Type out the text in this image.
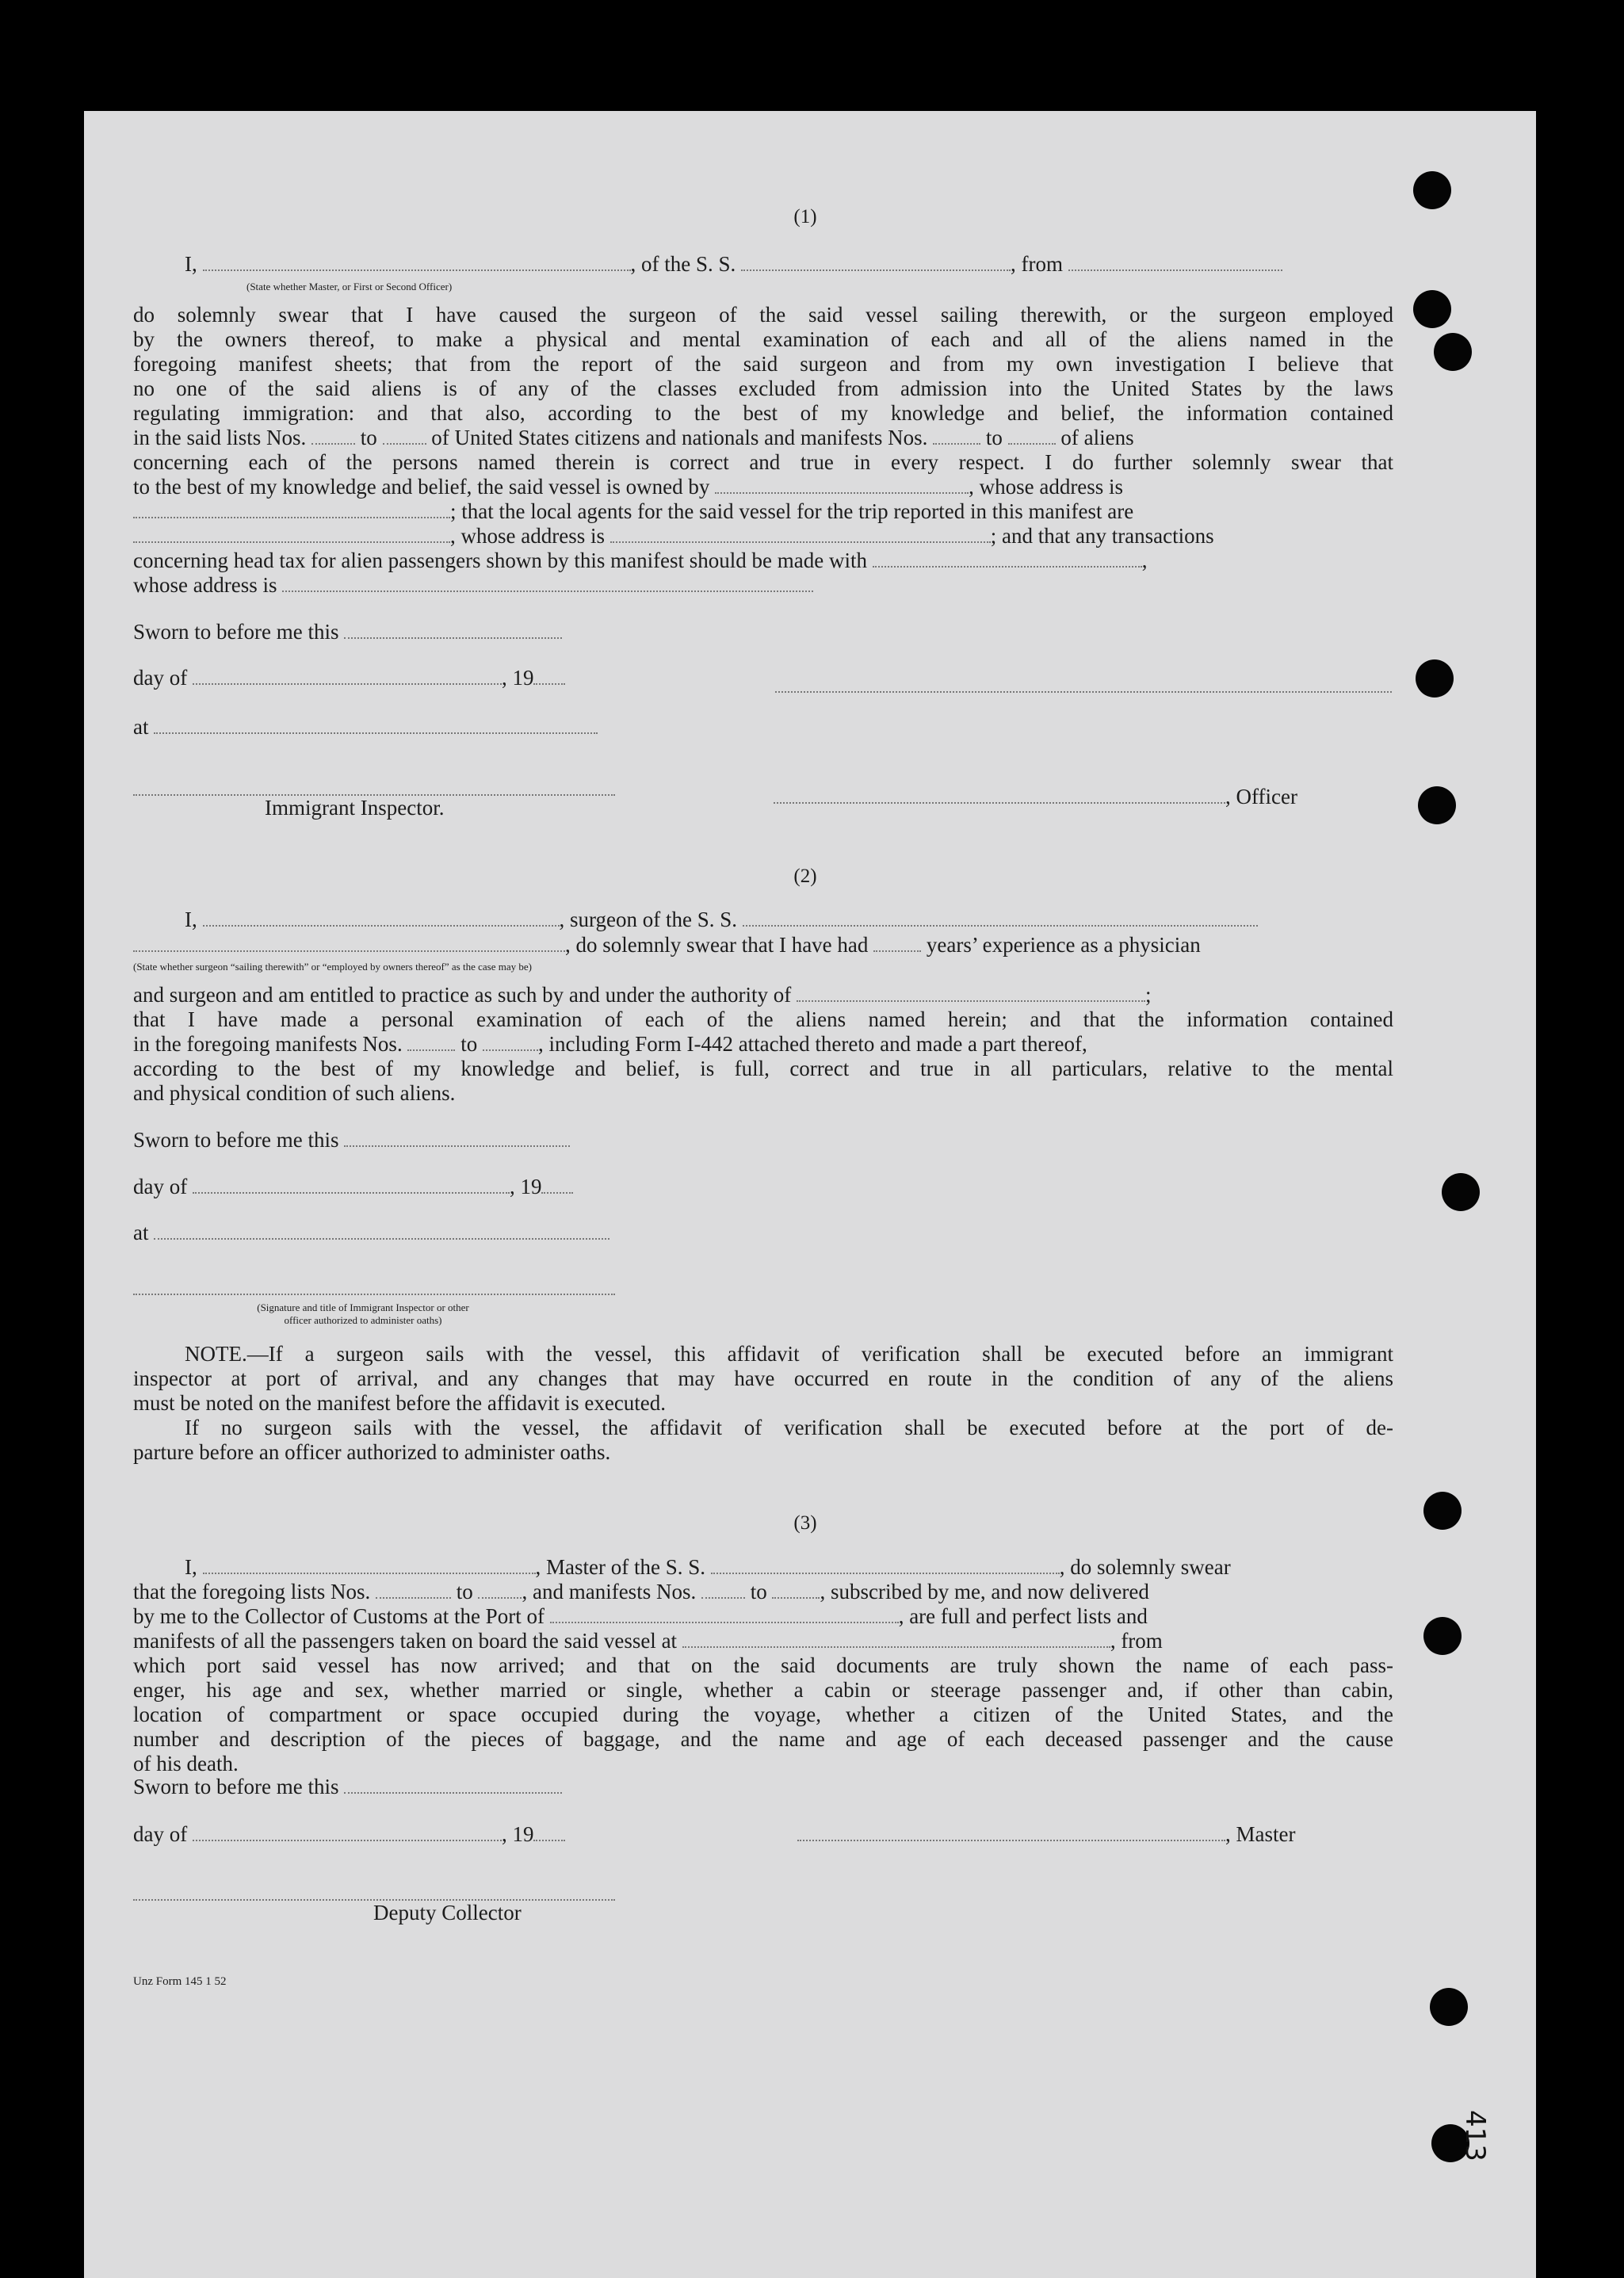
(1)
I,	, of the S. S.	, from
(State whether Master, or First or Second Officer)
do solemnly swear that I have caused the surgeon of the said vessel sailing therewith, or the surgeon employed
by the owners thereof, to make a physical and mental examination of each and all of the aliens named in the
foregoing manifest sheets; that from the report of the said surgeon and from my own investigation I believe that
no one of the said aliens is of any of the classes excluded from admission into the United States by the laws
regulating immigration: and that also, according to the best of my knowledge and belief, the information contained
in the said lists Nos.	to	of United States citizens and nationals and manifests Nos.	to	of aliens
concerning each of the persons named therein is correct and true in every respect. I do further solemnly swear that
to the best of my knowledge and belief, the said vessel is owned by	, whose address is
; that the local agents for the said vessel for the trip reported in this manifest are
, whose address is	; and that any transactions
concerning head tax for alien passengers shown by this manifest should be made with	,
whose address is
Sworn to before me this
day of	, 19
at
Immigrant Inspector.	, Officer
(2)
I,	, surgeon of the S. S.
, do solemnly swear that I have had	years’ experience as a physician
(State whether surgeon “sailing therewith” or “employed by owners thereof” as the case may be)
and surgeon and am entitled to practice as such by and under the authority of	;
that I have made a personal examination of each of the aliens named herein; and that the information contained
in the foregoing manifests Nos.	to	, including Form I-442 attached thereto and made a part thereof,
according to the best of my knowledge and belief, is full, correct and true in all particulars, relative to the mental
and physical condition of such aliens.
Sworn to before me this
day of	, 19
at
(Signature and title of Immigrant Inspector or other
officer authorized to administer oaths)
NOTE.—If a surgeon sails with the vessel, this affidavit of verification shall be executed before an immigrant
inspector at port of arrival, and any changes that may have occurred en route in the condition of any of the aliens
must be noted on the manifest before the affidavit is executed.
If no surgeon sails with the vessel, the affidavit of verification shall be executed before at the port of de-
parture before an officer authorized to administer oaths.
(3)
I,	, Master of the S. S.	, do solemnly swear
that the foregoing lists Nos.	to , and manifests Nos.	to , subscribed by me, and now delivered
by me to the Collector of Customs at the Port of	, are full and perfect lists and
manifests of all the passengers taken on board the said vessel at	, from
which port said vessel has now arrived; and that on the said documents are truly shown the name of each pass-
enger, his age and sex, whether married or single, whether a cabin or steerage passenger and, if other than cabin,
location of compartment or space occupied during the voyage, whether a citizen of the United States, and the
number and description of the pieces of baggage, and the name and age of each deceased passenger and the cause
of his death.
Sworn to before me this
day of	, 19	, Master
Deputy Collector
Unz Form 145 1 52
413
